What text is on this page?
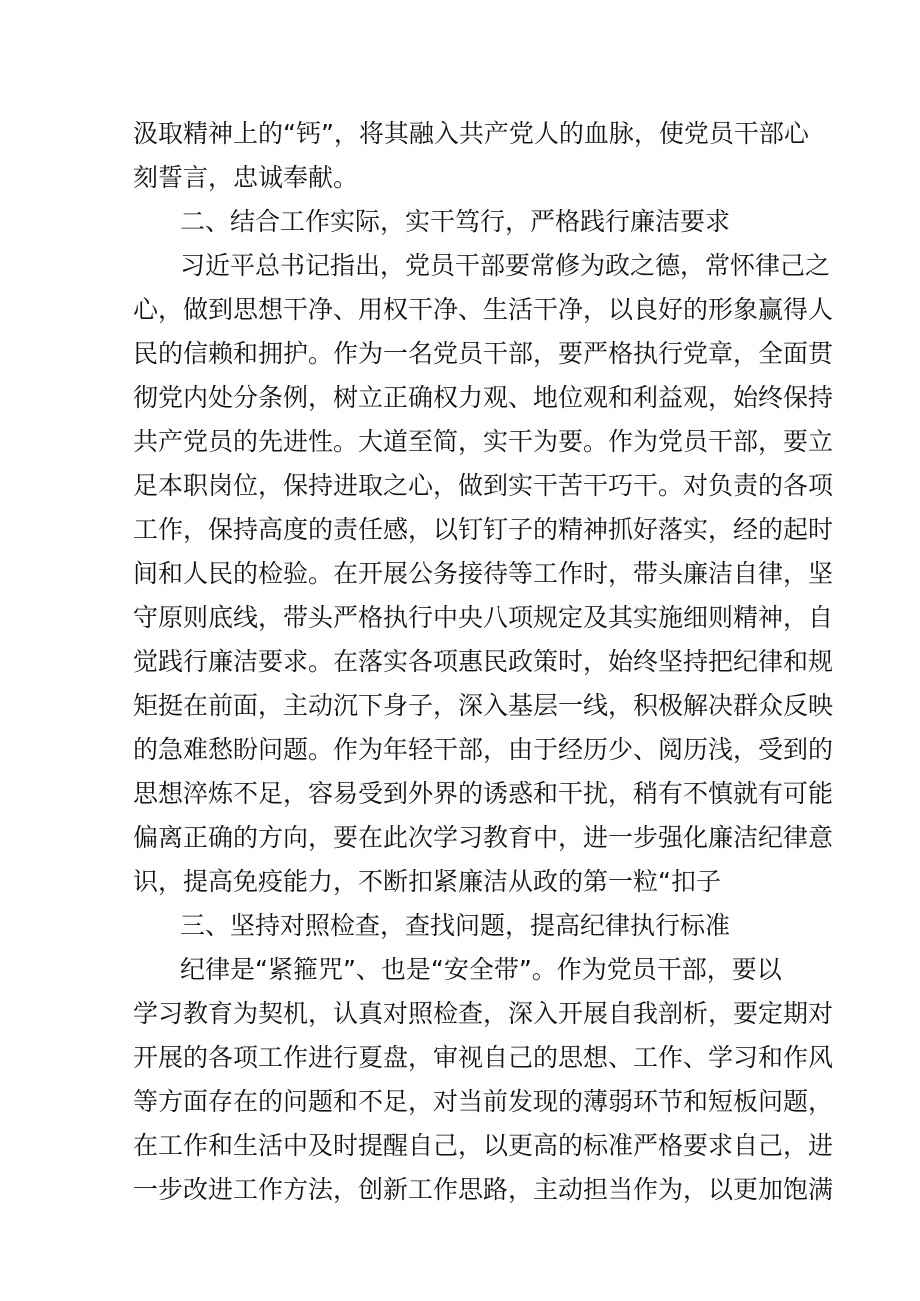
汲取精神上的“钙”，将其融入共产党人的血脉，使党员干部心
刻誓言，忠诚奉献。
二、结合工作实际，实干笃行，严格践行廉洁要求
习近平总书记指出，党员干部要常修为政之德，常怀律己之
心，做到思想干净、用权干净、生活干净，以良好的形象赢得人
民的信赖和拥护。作为一名党员干部，要严格执行党章，全面贯
彻党内处分条例，树立正确权力观、地位观和利益观，始终保持
共产党员的先进性。大道至简，实干为要。作为党员干部，要立
足本职岗位，保持进取之心，做到实干苦干巧干。对负责的各项
工作，保持高度的责任感，以钉钉子的精神抓好落实，经的起时
间和人民的检验。在开展公务接待等工作时，带头廉洁自律，坚
守原则底线，带头严格执行中央八项规定及其实施细则精神，自
觉践行廉洁要求。在落实各项惠民政策时，始终坚持把纪律和规
矩挺在前面，主动沉下身子，深入基层一线，积极解决群众反映
的急难愁盼问题。作为年轻干部，由于经历少、阅历浅，受到的
思想淬炼不足，容易受到外界的诱惑和干扰，稍有不慎就有可能
偏离正确的方向，要在此次学习教育中，进一步强化廉洁纪律意
识，提高免疫能力，不断扣紧廉洁从政的第一粒“扣子
三、坚持对照检查，查找问题，提高纪律执行标准
纪律是“紧箍咒”、也是“安全带”。作为党员干部，要以
学习教育为契机，认真对照检查，深入开展自我剖析，要定期对
开展的各项工作进行夏盘，审视自己的思想、工作、学习和作风
等方面存在的问题和不足，对当前发现的薄弱环节和短板问题，
在工作和生活中及时提醒自己，以更高的标准严格要求自己，进
一步改进工作方法，创新工作思路，主动担当作为，以更加饱满
